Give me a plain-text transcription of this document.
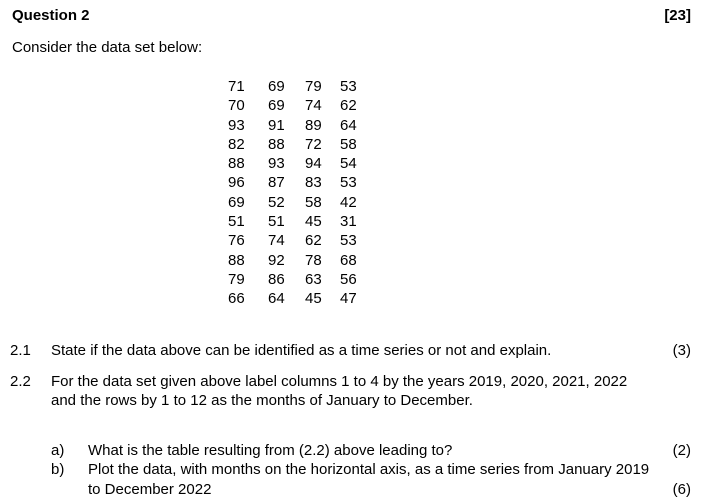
Question 2	[23]
Consider the data set below:
71	69	79	53
70	69	74	62
93	91	89	64
82	88	72	58
88	93	94	54
96	87	83	53
69	52	58	42
51	51	45	31
76	74	62	53
88	92	78	68
79	86	63	56
66	64	45	47
2.1 State if the data above can be identified as a time series or not and explain.	(3)
2.2 For the data set given above label columns 1 to 4 by the years 2019, 2020, 2021, 2022
and the rows by 1 to 12 as the months of January to December.
a) What is the table resulting from (2.2) above leading to?	(2)
b) Plot the data, with months on the horizontal axis, as a time series from January 2019
to December 2022	(6)
